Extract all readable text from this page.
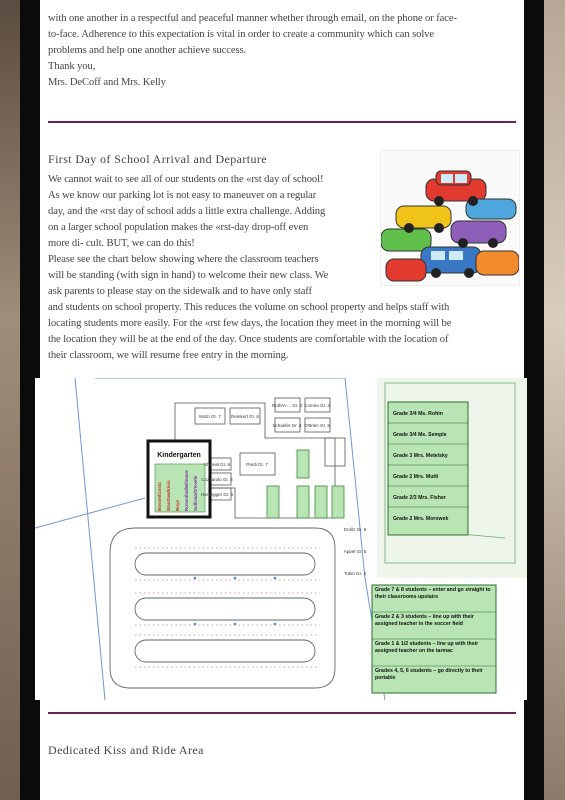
with one another in a respectful and peaceful manner whether through email, on the phone or face-

to-face. Adherence to this expectation is vital in order to create a community which can solve

problems and help one another achieve success.

Thank you,

Mrs. DeCoff and Mrs. Kelly

First Day of School Arrival and Departure

We cannot wait to see all of our students on the «rst day of school!

As we know our parking lot is not easy to maneuver on a regular

day, and the «rst day of school adds a little extra challenge. Adding

on a larger school population makes the «rst-day drop-off even

more di- cult. BUT, we can do this!

Please see the chart below showing where the classroom teachers

will be standing (with sign in hand) to welcome their new class. We

ask parents to please stay on the sidewalk and to have only staff

and students on school property. This reduces the volume on school property and helps staff with

locating students more easily. For the «rst few days, the location they meet in the morning will be

the location they will be at the end of the day. Once students are comfortable with the location of

their classroom, we will resume free entry in the morning.

Kindergarten
Bosset/Costa Wanttaw/Klein Boye Rosenthal/Wilmore Sullivan/O'Keefe
Molzi Gr. 7 Reinkert Gr. 6
Ruth/A-... Gr. 3 Corneo Gr. 4
Schaefer Gr. 4 O'Brien Gr. 5
Shinnel Gr. 8
Cozzarolo Gr. 8
Hardegger Gr. 6
Pardi Gr. 7
Drollz Gr. 6
Appel Gr. 5
Tobin Gr. 4
Grade 3/4 Ms. Rohin
Grade 3/4 Ms. Semple
Grade 3 Mrs. Metelsky
Grade 2 Mrs. Mutti
Grade 2/3 Mrs. Fisher
Grade 2 Mrs. Morowek
Grade 7 & 8 students – enter and go straight to their classrooms upstairs
Grade 2 & 3 students – line up with their assigned teacher in the soccer field
Grade 1 & 1/2 students – line up with their assigned teacher on the tarmac
Grades 4, 5, 6 students – go directly to their portable
Dedicated Kiss and Ride Area
